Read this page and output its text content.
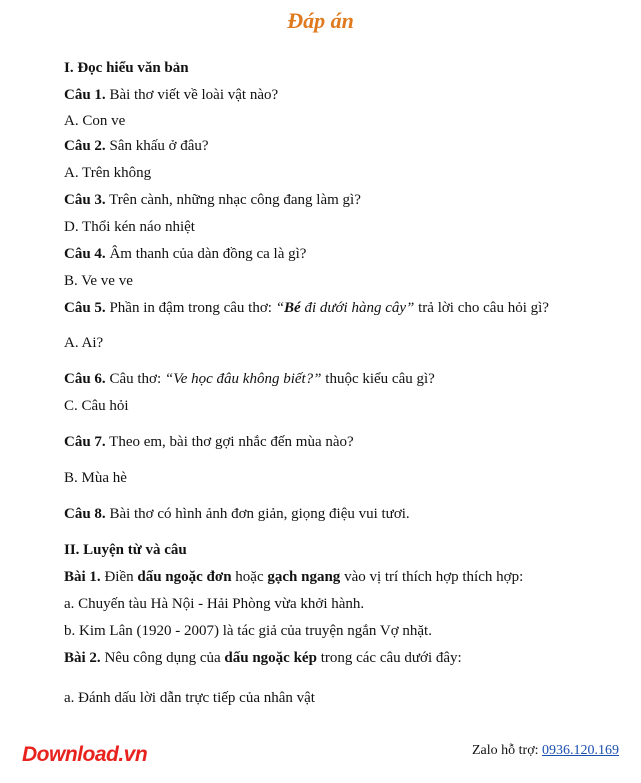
Đáp án
I. Đọc hiểu văn bản
Câu 1. Bài thơ viết về loài vật nào?
A. Con ve
Câu 2. Sân khấu ở đâu?
A. Trên không
Câu 3. Trên cành, những nhạc công đang làm gì?
D. Thổi kén náo nhiệt
Câu 4. Âm thanh của dàn đồng ca là gì?
B. Ve ve ve
Câu 5. Phần in đậm trong câu thơ: “Bé đi dưới hàng cây” trả lời cho câu hỏi gì?
A. Ai?
Câu 6. Câu thơ: “Ve học đâu không biết?” thuộc kiểu câu gì?
C. Câu hỏi
Câu 7. Theo em, bài thơ gợi nhắc đến mùa nào?
B. Mùa hè
Câu 8. Bài thơ có hình ảnh đơn giản, giọng điệu vui tươi.
II. Luyện từ và câu
Bài 1. Điền dấu ngoặc đơn hoặc gạch ngang vào vị trí thích hợp thích hợp:
a. Chuyến tàu Hà Nội - Hải Phòng vừa khởi hành.
b. Kim Lân (1920 - 2007) là tác giả của truyện ngắn Vợ nhặt.
Bài 2. Nêu công dụng của dấu ngoặc kép trong các câu dưới đây:
a. Đánh dấu lời dẫn trực tiếp của nhân vật
Download.vn	Zalo hỗ trợ: 0936.120.169
